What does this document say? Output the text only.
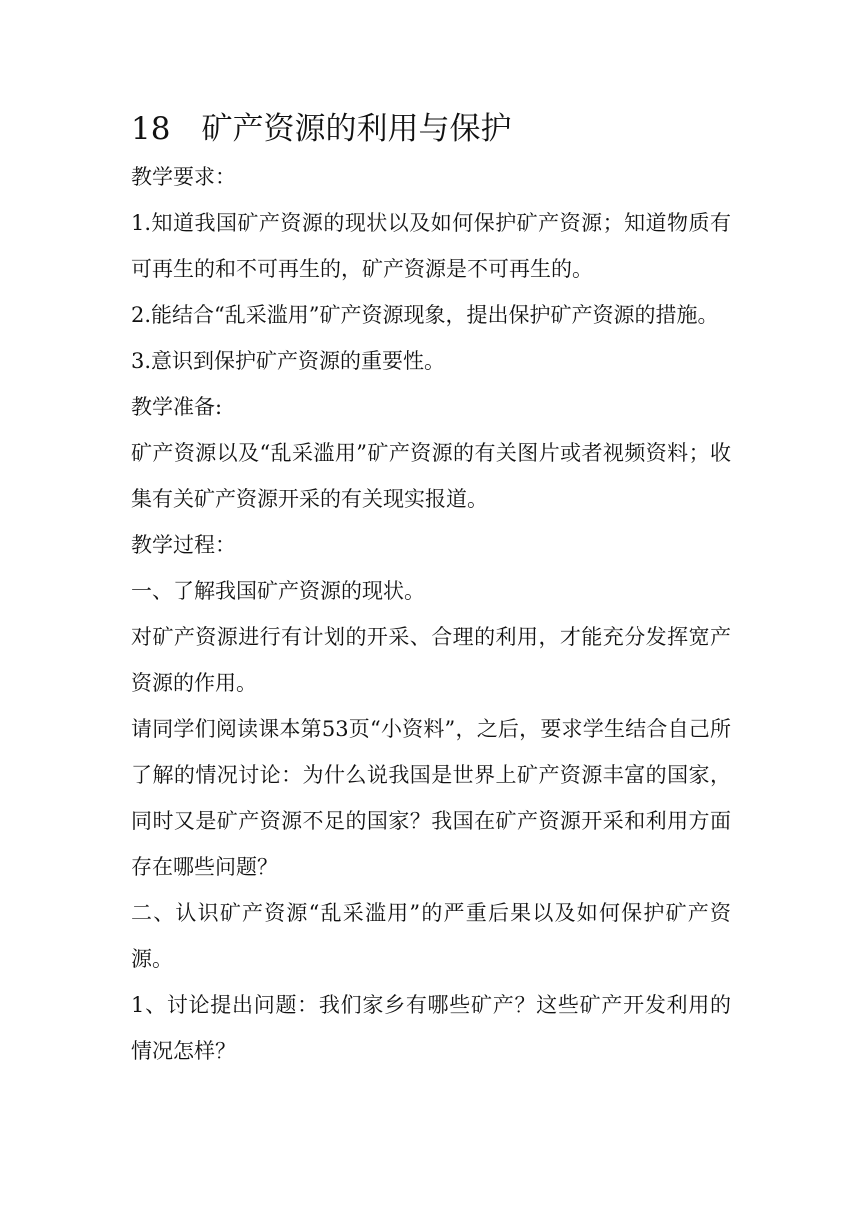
18　矿产资源的利用与保护

教学要求：

1.知道我国矿产资源的现状以及如何保护矿产资源；知道物质有可再生的和不可再生的，矿产资源是不可再生的。

2.能结合“乱采滥用”矿产资源现象，提出保护矿产资源的措施。

3.意识到保护矿产资源的重要性。

教学准备:

矿产资源以及“乱采滥用”矿产资源的有关图片或者视频资料；收集有关矿产资源开采的有关现实报道。

教学过程：

一、了解我国矿产资源的现状。

对矿产资源进行有计划的开采、合理的利用，才能充分发挥宽产资源的作用。

请同学们阅读课本第53页“小资料”，之后，要求学生结合自己所了解的情况讨论：为什么说我国是世界上矿产资源丰富的国家，同时又是矿产资源不足的国家？我国在矿产资源开采和利用方面存在哪些问题？

二、认识矿产资源“乱采滥用”的严重后果以及如何保护矿产资源。

1、讨论提出问题：我们家乡有哪些矿产？这些矿产开发利用的情况怎样？
